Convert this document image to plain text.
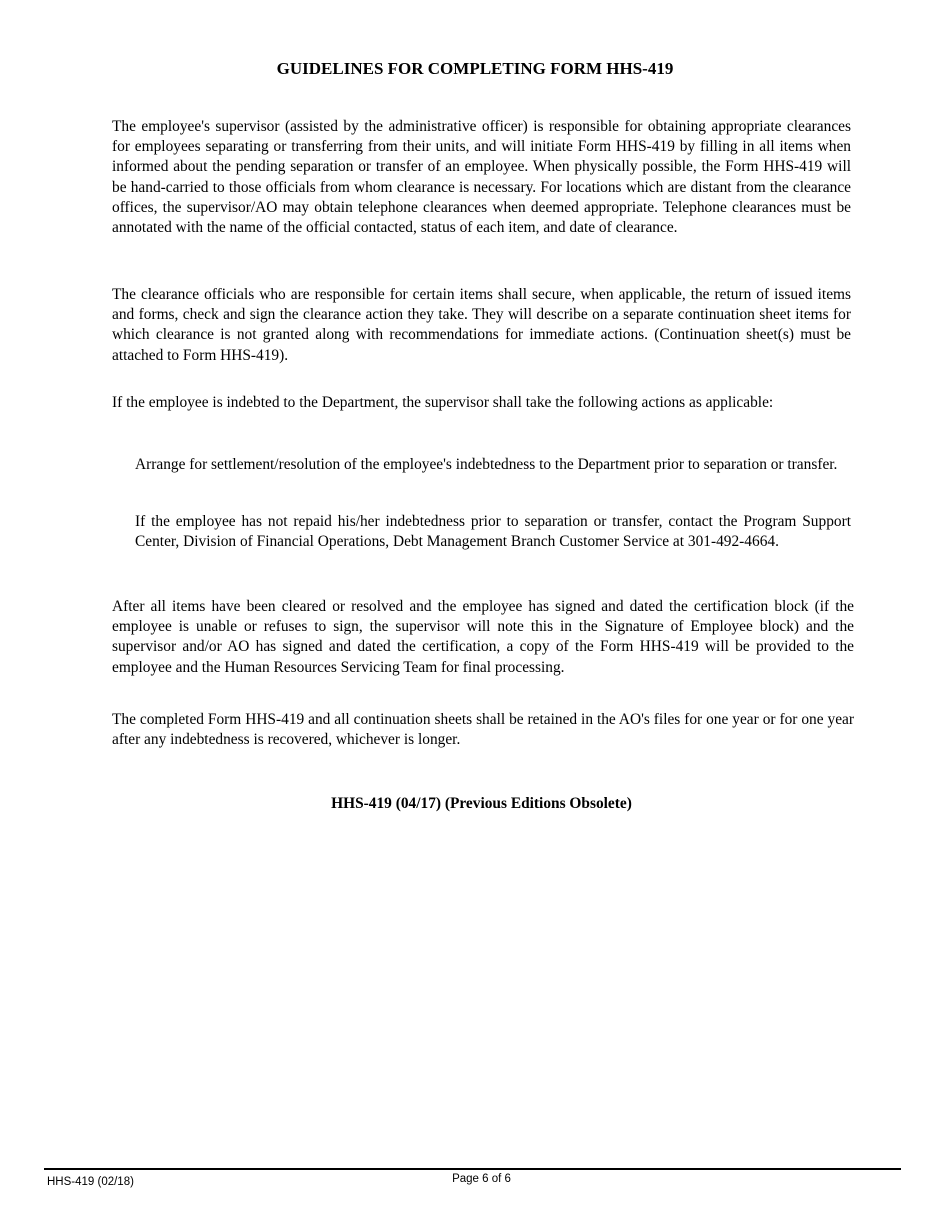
GUIDELINES FOR COMPLETING FORM HHS-419

The employee's supervisor (assisted by the administrative officer) is responsible for obtaining appropriate clearances for employees separating or transferring from their units, and will initiate Form HHS-419 by filling in all items when informed about the pending separation or transfer of an employee. When physically possible, the Form HHS-419 will be hand-carried to those officials from whom clearance is necessary. For locations which are distant from the clearance offices, the supervisor/AO may obtain telephone clearances when deemed appropriate. Telephone clearances must be annotated with the name of the official contacted, status of each item, and date of clearance.

The clearance officials who are responsible for certain items shall secure, when applicable, the return of issued items and forms, check and sign the clearance action they take. They will describe on a separate continuation sheet items for which clearance is not granted along with recommendations for immediate actions. (Continuation sheet(s) must be attached to Form HHS-419).

If the employee is indebted to the Department, the supervisor shall take the following actions as applicable:

Arrange for settlement/resolution of the employee's indebtedness to the Department prior to separation or transfer.

If the employee has not repaid his/her indebtedness prior to separation or transfer, contact the Program Support Center, Division of Financial Operations, Debt Management Branch Customer Service at 301-492-4664.

After all items have been cleared or resolved and the employee has signed and dated the certification block (if the employee is unable or refuses to sign, the supervisor will note this in the Signature of Employee block) and the supervisor and/or AO has signed and dated the certification, a copy of the Form HHS-419 will be provided to the employee and the Human Resources Servicing Team for final processing.

The completed Form HHS-419 and all continuation sheets shall be retained in the AO's files for one year or for one year after any indebtedness is recovered, whichever is longer.

HHS-419 (04/17) (Previous Editions Obsolete)

HHS-419 (02/18)	Page 6 of 6
